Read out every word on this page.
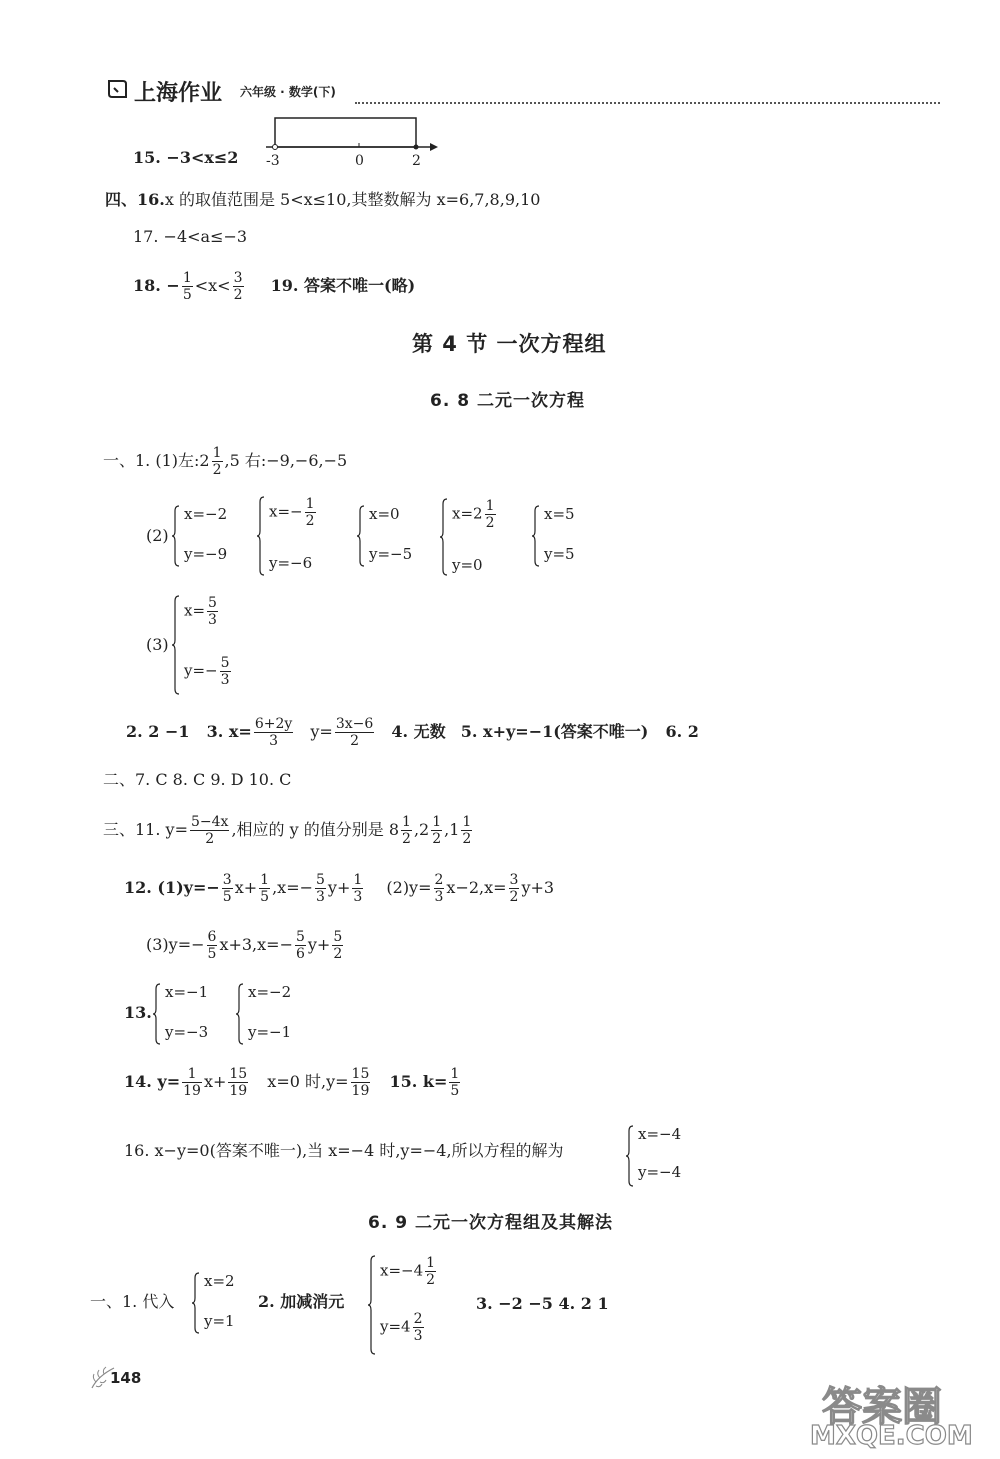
上海作业 六年级 · 数学(下)
-3	0	2
15. −3<x≤2
四、16.x 的取值范围是 5<x≤10,其整数解为 x=6,7,8,9,10
17. −4<a≤−3
18. − $\frac{1}{5} <x< \frac{3}{2} 19$. 答案不唯一(略)
第 4 节 一次方程组
6. 8 二元一次方程
一、1. (1)左:2 $\frac{1}{2} ,5$ 右:−9,−6,−5
(2)
x=−2
y=−9
$x=- \frac{1}{2}$
y=−6
x=0
y=−5
$x=2 \frac{1}{2}$
y=0
x=5
y=5
(3)
$x= \frac{5}{3}$
$y=- \frac{5}{3}$
2. 2 −1 3. $x= \frac{6+2y}{3} y= \frac{3x-6}{2} 4$. 无数 5. x+y=−1(答案不唯一) 6. 2
二、7. C 8. C 9. D 10. C
三、11. $y= \frac{5-4x}{2}$ ,相应的 y 的值分别是 $8 \frac{1}{2} ,2 \frac{1}{2} ,1 \frac{1}{2}$
12. $(1)y=- \frac{3}{5} x+ \frac{1}{5} ,x=- \frac{5}{3} y+ \frac{1}{3} (2)y= \frac{2}{3} x-2,x= \frac{3}{2} y+3$
$(3)y=- \frac{6}{5} x+3,x=- \frac{5}{6} y+ \frac{5}{2}$
13.
x=−1
y=−3
x=−2
y=−1
14. $y= \frac{1}{19} x+ \frac{15}{19} x=0$ 时$,y= \frac{15}{19} 15$. $k= \frac{1}{5}$
16. x−y=0(答案不唯一),当 x=−4 时,y=−4,所以方程的解为
x=−4
y=−4
6. 9 二元一次方程组及其解法
一、1. 代入
x=2
y=1
2. 加减消元
$x=-4 \frac{1}{2}$
$y=4 \frac{2}{3}$
3. −2 −5 4. 2 1
148
答案圈
MXQE.COM
